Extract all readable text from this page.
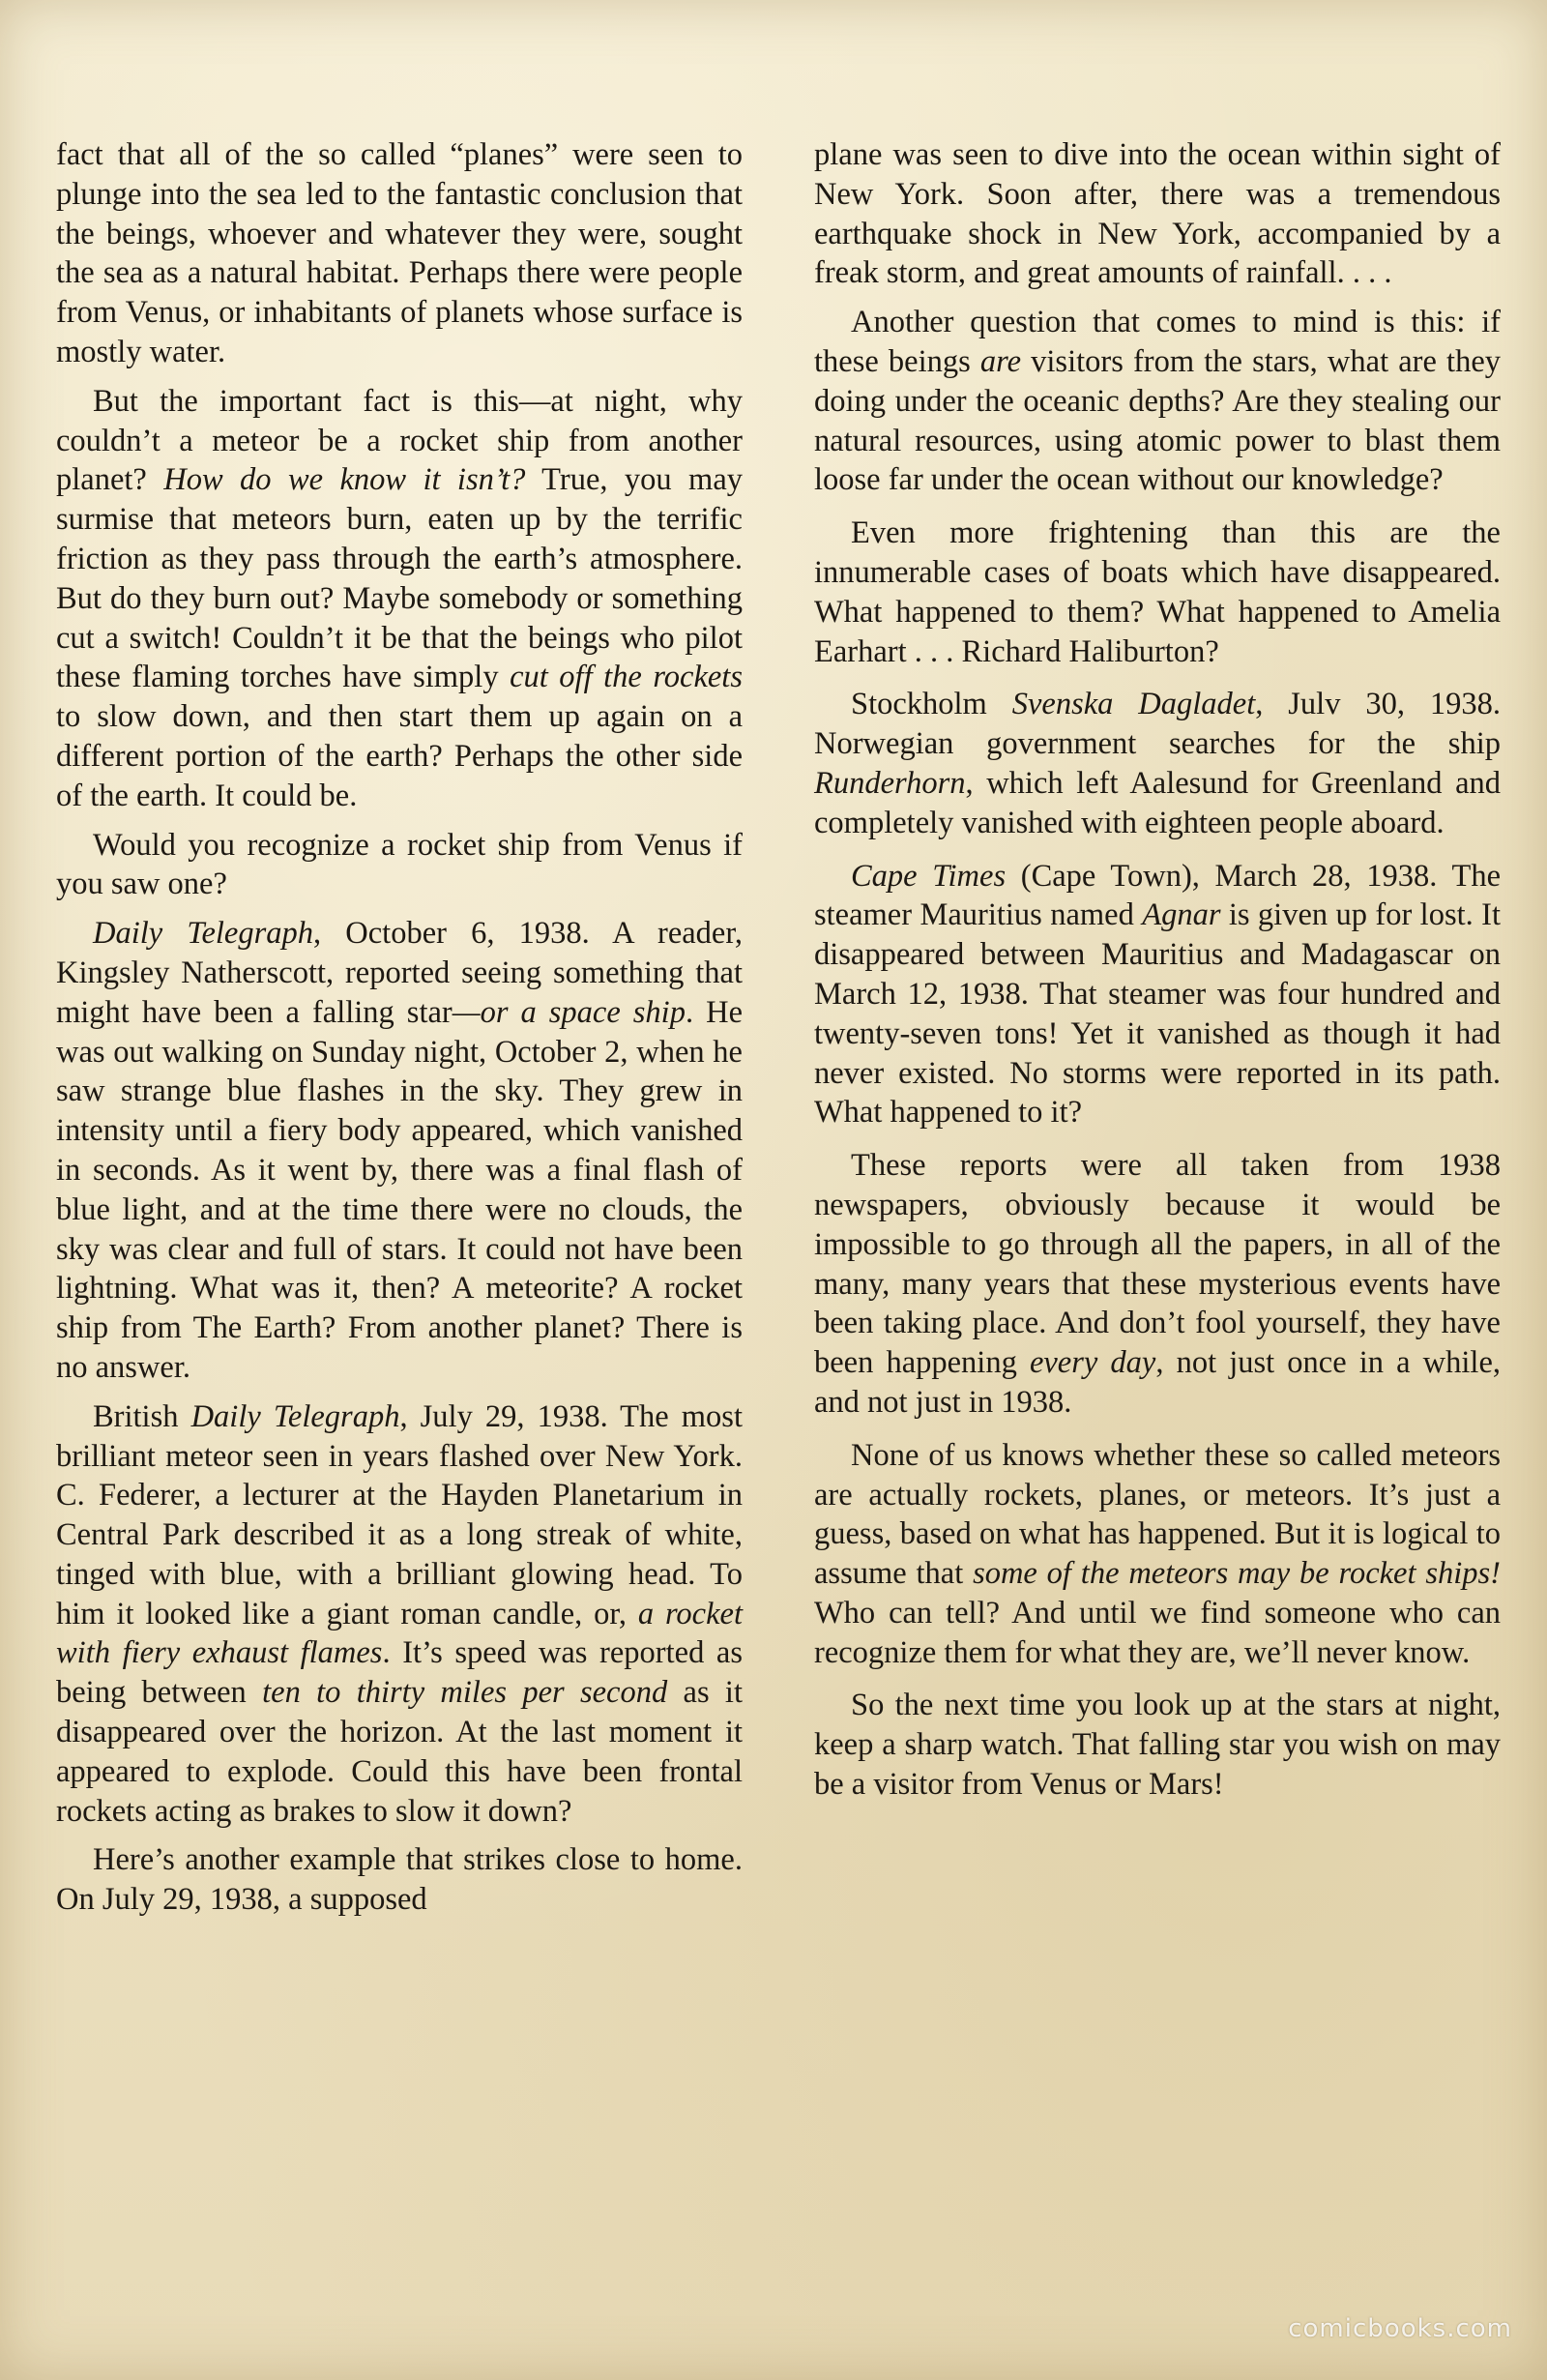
fact that all of the so called “planes” were seen to plunge into the sea led to the fantastic conclusion that the beings, whoever and whatever they were, sought the sea as a natural habitat. Perhaps there were people from Venus, or inhabitants of planets whose surface is mostly water.

But the important fact is this—at night, why couldn’t a meteor be a rocket ship from another planet? How do we know it isn’t? True, you may surmise that meteors burn, eaten up by the terrific friction as they pass through the earth’s atmosphere. But do they burn out? Maybe somebody or something cut a switch! Couldn’t it be that the beings who pilot these flaming torches have simply cut off the rockets to slow down, and then start them up again on a different portion of the earth? Perhaps the other side of the earth. It could be.

Would you recognize a rocket ship from Venus if you saw one?

Daily Telegraph, October 6, 1938. A reader, Kingsley Natherscott, reported seeing something that might have been a falling star—or a space ship. He was out walking on Sunday night, October 2, when he saw strange blue flashes in the sky. They grew in intensity until a fiery body appeared, which vanished in seconds. As it went by, there was a final flash of blue light, and at the time there were no clouds, the sky was clear and full of stars. It could not have been lightning. What was it, then? A meteorite? A rocket ship from The Earth? From another planet? There is no answer.

British Daily Telegraph, July 29, 1938. The most brilliant meteor seen in years flashed over New York. C. Federer, a lecturer at the Hayden Planetarium in Central Park described it as a long streak of white, tinged with blue, with a brilliant glowing head. To him it looked like a giant roman candle, or, a rocket with fiery exhaust flames. It’s speed was reported as being between ten to thirty miles per second as it disappeared over the horizon. At the last moment it appeared to explode. Could this have been frontal rockets acting as brakes to slow it down?

Here’s another example that strikes close to home. On July 29, 1938, a supposed

plane was seen to dive into the ocean within sight of New York. Soon after, there was a tremendous earthquake shock in New York, accompanied by a freak storm, and great amounts of rainfall. . . .

Another question that comes to mind is this: if these beings are visitors from the stars, what are they doing under the oceanic depths? Are they stealing our natural resources, using atomic power to blast them loose far under the ocean without our knowledge?

Even more frightening than this are the innumerable cases of boats which have disappeared. What happened to them? What happened to Amelia Earhart . . . Richard Haliburton?

Stockholm Svenska Dagladet, Julv 30, 1938. Norwegian government searches for the ship Runderhorn, which left Aalesund for Greenland and completely vanished with eighteen people aboard.

Cape Times (Cape Town), March 28, 1938. The steamer Mauritius named Agnar is given up for lost. It disappeared between Mauritius and Madagascar on March 12, 1938. That steamer was four hundred and twenty-seven tons! Yet it vanished as though it had never existed. No storms were reported in its path. What happened to it?

These reports were all taken from 1938 newspapers, obviously because it would be impossible to go through all the papers, in all of the many, many years that these mysterious events have been taking place. And don’t fool yourself, they have been happening every day, not just once in a while, and not just in 1938.

None of us knows whether these so called meteors are actually rockets, planes, or meteors. It’s just a guess, based on what has happened. But it is logical to assume that some of the meteors may be rocket ships! Who can tell? And until we find someone who can recognize them for what they are, we’ll never know.

So the next time you look up at the stars at night, keep a sharp watch. That falling star you wish on may be a visitor from Venus or Mars!

comicbooks.com
